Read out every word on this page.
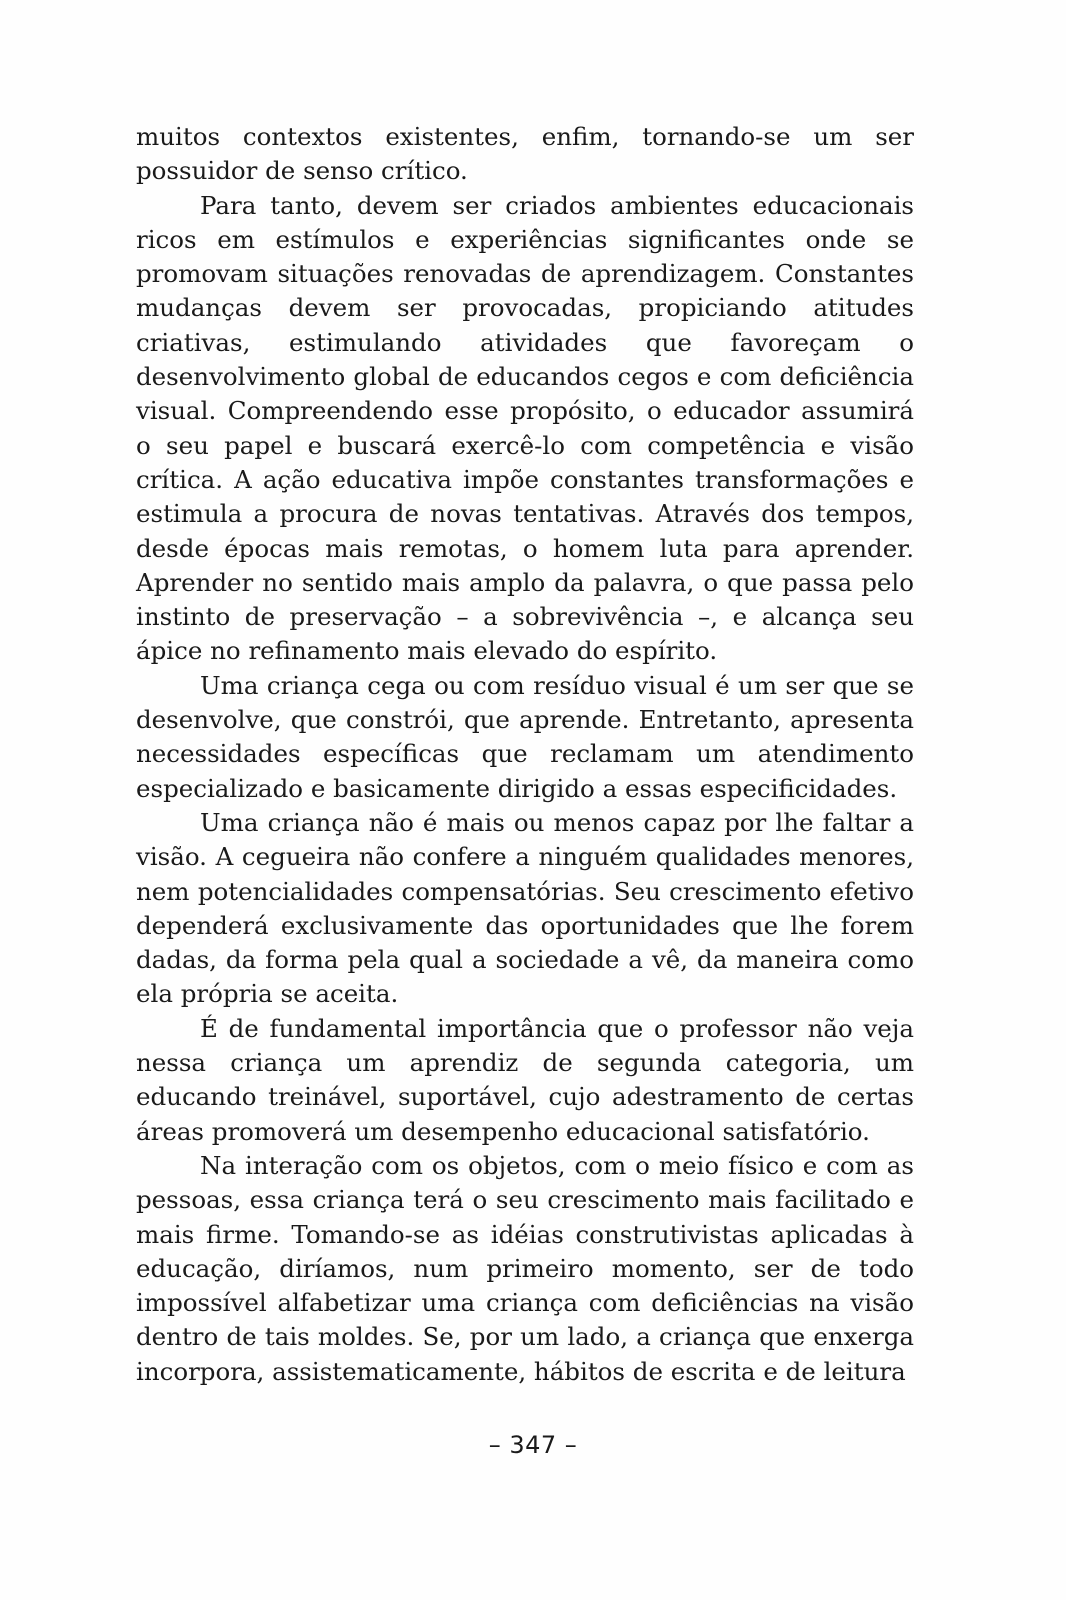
muitos contextos existentes, enfim, tornando-se um ser possuidor de senso crítico.

Para tanto, devem ser criados ambientes educacionais ricos em estímulos e experiências significantes onde se promovam situações renovadas de aprendizagem. Constantes mudanças devem ser provocadas, propiciando atitudes criativas, estimulando atividades que favoreçam o desenvolvimento global de educandos cegos e com deficiência visual. Compreendendo esse propósito, o educador assumirá o seu papel e buscará exercê-lo com competência e visão crítica. A ação educativa impõe constantes transformações e estimula a procura de novas tentativas. Através dos tempos, desde épocas mais remotas, o homem luta para aprender. Aprender no sentido mais amplo da palavra, o que passa pelo instinto de preservação – a sobrevivência –, e alcança seu ápice no refinamento mais elevado do espírito.

Uma criança cega ou com resíduo visual é um ser que se desenvolve, que constrói, que aprende. Entretanto, apresenta necessidades específicas que reclamam um atendimento especializado e basicamente dirigido a essas especificidades.

Uma criança não é mais ou menos capaz por lhe faltar a visão. A cegueira não confere a ninguém qualidades menores, nem potencialidades compensatórias. Seu crescimento efetivo dependerá exclusivamente das oportunidades que lhe forem dadas, da forma pela qual a sociedade a vê, da maneira como ela própria se aceita.

É de fundamental importância que o professor não veja nessa criança um aprendiz de segunda categoria, um educando treinável, suportável, cujo adestramento de certas áreas promoverá um desempenho educacional satisfatório.

Na interação com os objetos, com o meio físico e com as pessoas, essa criança terá o seu crescimento mais facilitado e mais firme. Tomando-se as idéias construtivistas aplicadas à educação, diríamos, num primeiro momento, ser de todo impossível alfabetizar uma criança com deficiências na visão dentro de tais moldes. Se, por um lado, a criança que enxerga incorpora, assistematicamente, hábitos de escrita e de leitura

– 347 –
